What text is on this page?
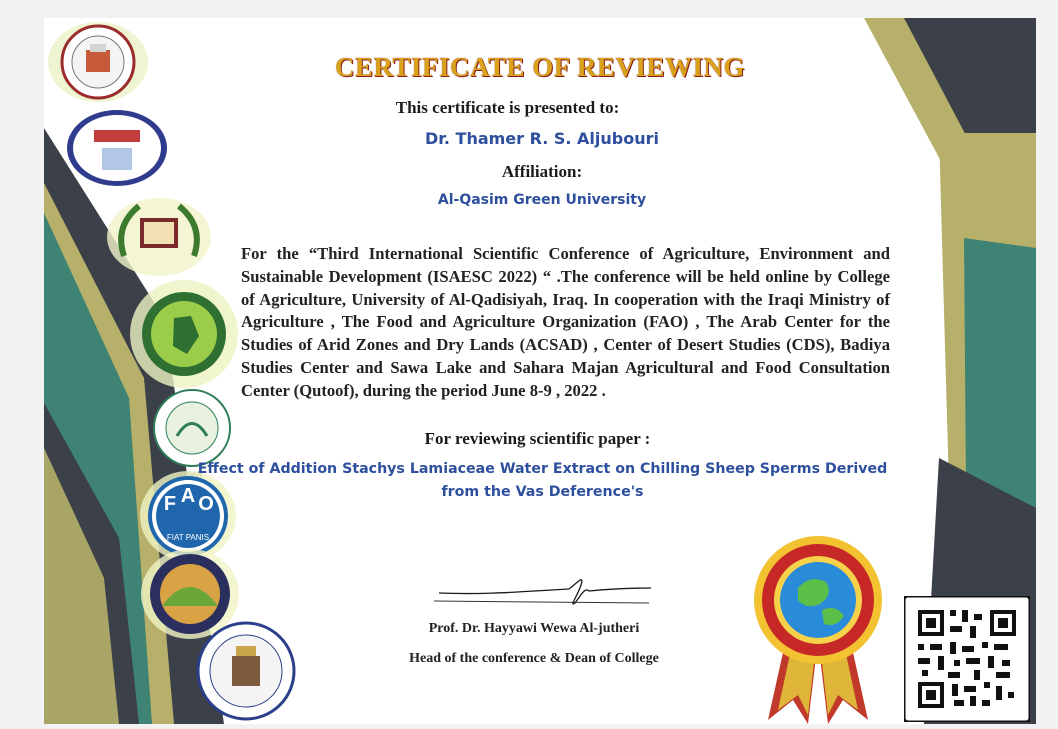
F A O
FIAT PANIS
CERTIFICATE OF REVIEWING
This certificate is presented to:
Dr. Thamer R. S. Aljubouri
Affiliation:
Al-Qasim Green University
For the “Third International Scientific Conference of Agriculture, Environment and Sustainable Development (ISAESC 2022) “ .The conference will be held online by College of Agriculture, University of Al-Qadisiyah, Iraq. In cooperation with the Iraqi Ministry of Agriculture , The Food and Agriculture Organization (FAO) , The Arab Center for the Studies of Arid Zones and Dry Lands (ACSAD) , Center of Desert Studies (CDS), Badiya Studies Center and Sawa Lake and Sahara Majan Agricultural and Food Consultation Center (Qutoof), during the period June 8-9 , 2022 .
For reviewing scientific paper :
Effect of Addition Stachys Lamiaceae Water Extract on Chilling Sheep Sperms Derived from the Vas Deference's
Prof. Dr. Hayyawi Wewa Al-jutheri
Head of the conference & Dean of College
